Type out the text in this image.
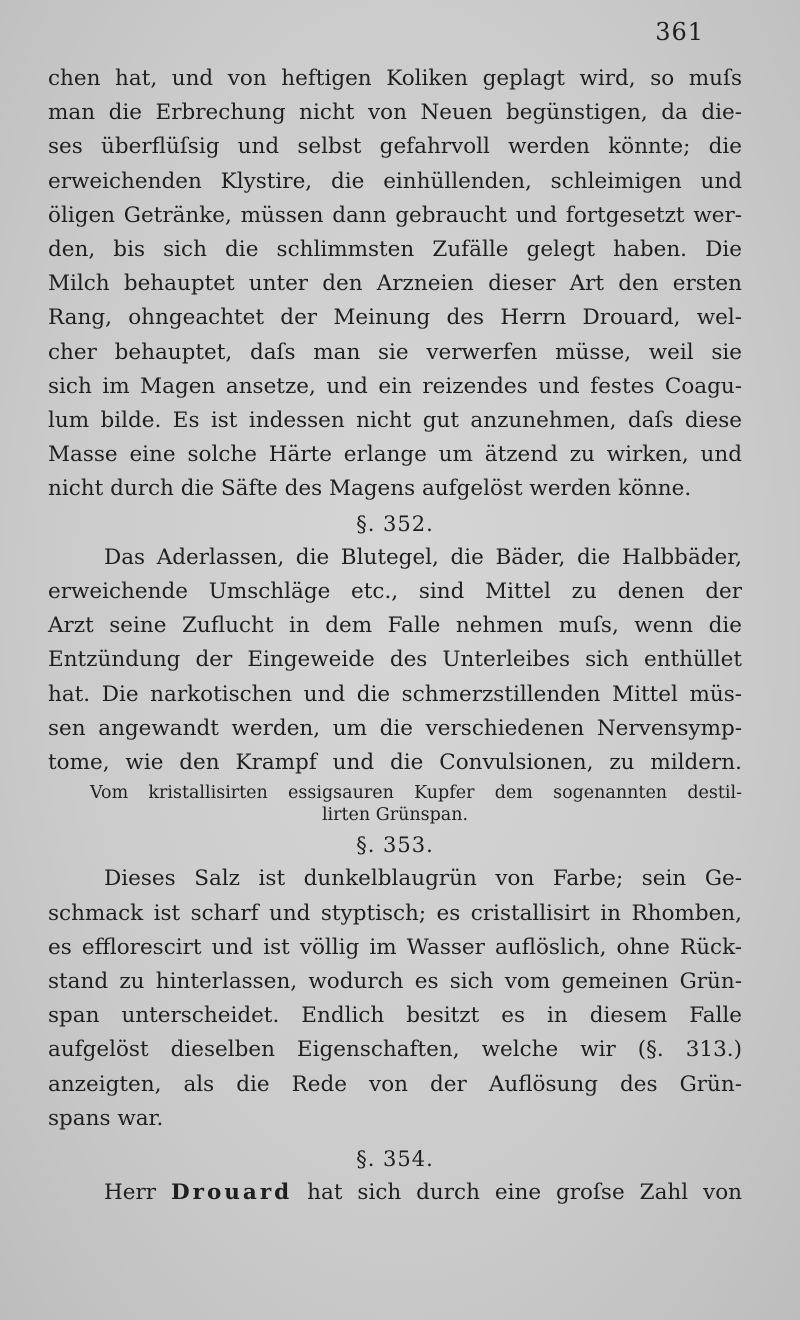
361
chen hat, und von heftigen Koliken geplagt wird, so muſs
man die Erbrechung nicht von Neuen begünstigen, da die-
ses überflüſsig und selbst gefahrvoll werden könnte; die
erweichenden Klystire, die einhüllenden, schleimigen und
öligen Getränke, müssen dann gebraucht und fortgesetzt wer-
den, bis sich die schlimmsten Zufälle gelegt haben. Die
Milch behauptet unter den Arzneien dieser Art den ersten
Rang, ohngeachtet der Meinung des Herrn Drouard, wel-
cher behauptet, daſs man sie verwerfen müsse, weil sie
sich im Magen ansetze, und ein reizendes und festes Coagu-
lum bilde. Es ist indessen nicht gut anzunehmen, daſs diese
Masse eine solche Härte erlange um ätzend zu wirken, und
nicht durch die Säfte des Magens aufgelöst werden könne.
§. 352.
Das Aderlassen, die Blutegel, die Bäder, die Halbbäder,
erweichende Umschläge etc., sind Mittel zu denen der
Arzt seine Zuflucht in dem Falle nehmen muſs, wenn die
Entzündung der Eingeweide des Unterleibes sich enthüllet
hat. Die narkotischen und die schmerzstillenden Mittel müs-
sen angewandt werden, um die verschiedenen Nervensymp-
tome, wie den Krampf und die Convulsionen, zu mildern.
Vom kristallisirten essigsauren Kupfer dem sogenannten destil-
lirten Grünspan.
§. 353.
Dieses Salz ist dunkelblaugrün von Farbe; sein Ge-
schmack ist scharf und styptisch; es cristallisirt in Rhomben,
es efflorescirt und ist völlig im Wasser auflöslich, ohne Rück-
stand zu hinterlassen, wodurch es sich vom gemeinen Grün-
span unterscheidet. Endlich besitzt es in diesem Falle
aufgelöst dieselben Eigenschaften, welche wir (§. 313.)
anzeigten, als die Rede von der Auflösung des Grün-
spans war.
§. 354.
Herr Drouard hat sich durch eine groſse Zahl von
